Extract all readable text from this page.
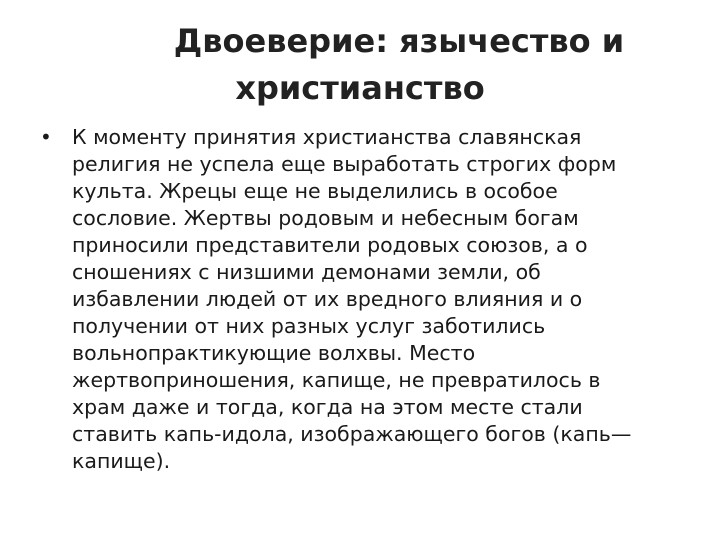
Двоеверие: язычество и
христианство
• К моменту принятия христианства славянская
религия не успела еще выработать строгих форм
культа. Жрецы еще не выделились в особое
сословие. Жертвы родовым и небесным богам
приносили представители родовых союзов, а о
сношениях с низшими демонами земли, об
избавлении людей от их вредного влияния и о
получении от них разных услуг заботились
вольнопрактикующие волхвы. Место
жертвоприношения, капище, не превратилось в
храм даже и тогда, когда на этом месте стали
ставить капь-идола, изображающего богов (капь—
капище).
